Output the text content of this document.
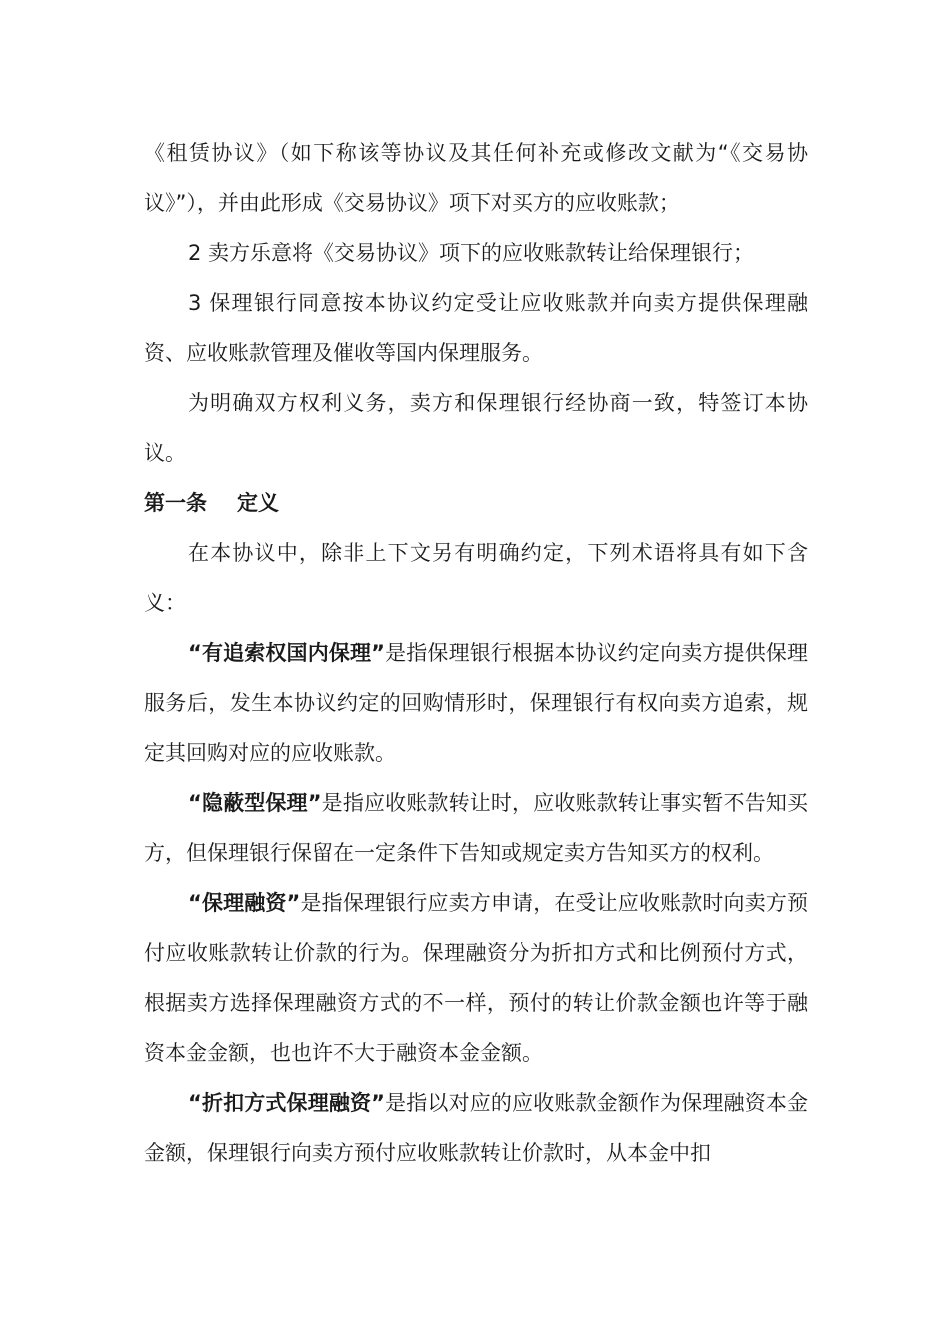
《租赁协议》（如下称该等协议及其任何补充或修改文献为“《交易协议》”），并由此形成《交易协议》项下对买方的应收账款；

2 卖方乐意将《交易协议》项下的应收账款转让给保理银行；

3 保理银行同意按本协议约定受让应收账款并向卖方提供保理融资、应收账款管理及催收等国内保理服务。

为明确双方权利义务，卖方和保理银行经协商一致，特签订本协议。

第一条 定义

在本协议中，除非上下文另有明确约定，下列术语将具有如下含义：

“有追索权国内保理”是指保理银行根据本协议约定向卖方提供保理服务后，发生本协议约定的回购情形时，保理银行有权向卖方追索，规定其回购对应的应收账款。

“隐蔽型保理”是指应收账款转让时，应收账款转让事实暂不告知买方，但保理银行保留在一定条件下告知或规定卖方告知买方的权利。

“保理融资”是指保理银行应卖方申请，在受让应收账款时向卖方预付应收账款转让价款的行为。保理融资分为折扣方式和比例预付方式，根据卖方选择保理融资方式的不一样，预付的转让价款金额也许等于融资本金金额，也也许不大于融资本金金额。

“折扣方式保理融资”是指以对应的应收账款金额作为保理融资本金金额，保理银行向卖方预付应收账款转让价款时，从本金中扣
